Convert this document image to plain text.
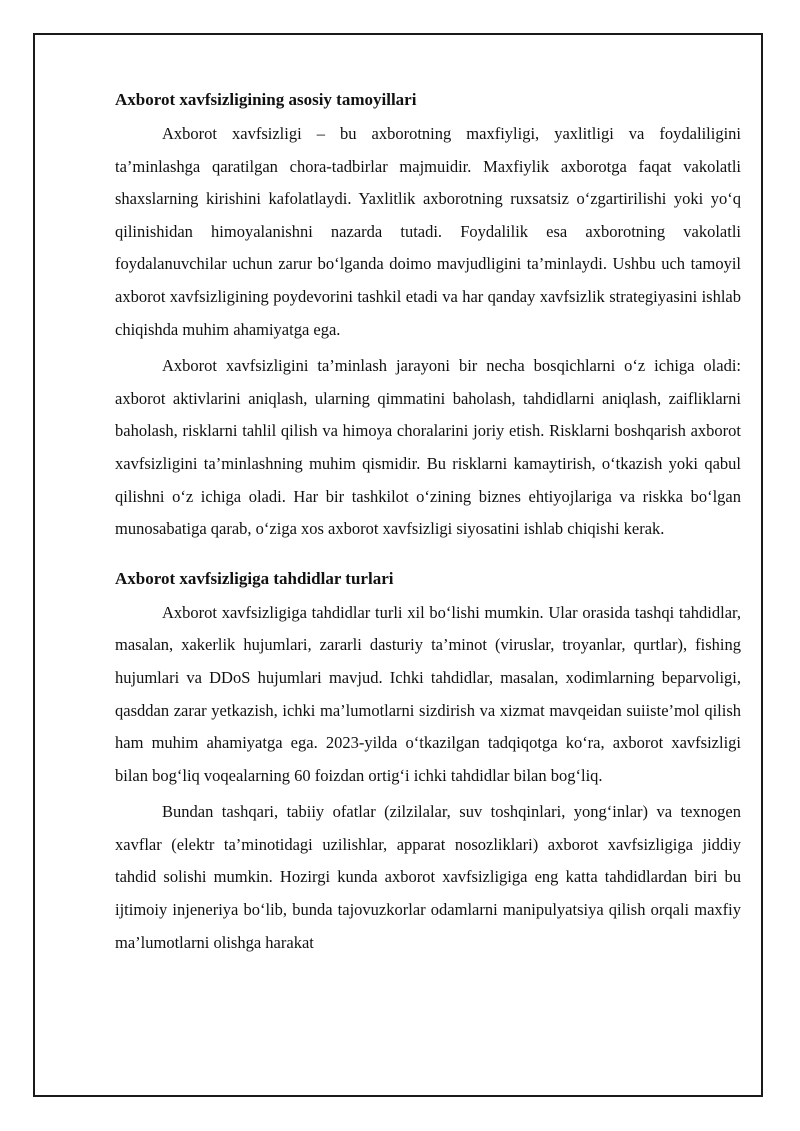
Axborot xavfsizligining asosiy tamoyillari

Axborot xavfsizligi – bu axborotning maxfiyligi, yaxlitligi va foydaliligini ta’minlashga qaratilgan chora-tadbirlar majmuidir. Maxfiylik axborotga faqat vakolatli shaxslarning kirishini kafolatlaydi. Yaxlitlik axborotning ruxsatsiz o‘zgartirilishi yoki yo‘q qilinishidan himoyalanishni nazarda tutadi. Foydalilik esa axborotning vakolatli foydalanuvchilar uchun zarur bo‘lganda doimo mavjudligini ta’minlaydi. Ushbu uch tamoyil axborot xavfsizligining poydevorini tashkil etadi va har qanday xavfsizlik strategiyasini ishlab chiqishda muhim ahamiyatga ega.

Axborot xavfsizligini ta’minlash jarayoni bir necha bosqichlarni o‘z ichiga oladi: axborot aktivlarini aniqlash, ularning qimmatini baholash, tahdidlarni aniqlash, zaifliklarni baholash, risklarni tahlil qilish va himoya choralarini joriy etish. Risklarni boshqarish axborot xavfsizligini ta’minlashning muhim qismidir. Bu risklarni kamaytirish, o‘tkazish yoki qabul qilishni o‘z ichiga oladi. Har bir tashkilot o‘zining biznes ehtiyojlariga va riskka bo‘lgan munosabatiga qarab, o‘ziga xos axborot xavfsizligi siyosatini ishlab chiqishi kerak.

Axborot xavfsizligiga tahdidlar turlari

Axborot xavfsizligiga tahdidlar turli xil bo‘lishi mumkin. Ular orasida tashqi tahdidlar, masalan, xakerlik hujumlari, zararli dasturiy ta’minot (viruslar, troyanlar, qurtlar), fishing hujumlari va DDoS hujumlari mavjud. Ichki tahdidlar, masalan, xodimlarning beparvoligi, qasddan zarar yetkazish, ichki ma’lumotlarni sizdirish va xizmat mavqeidan suiiste’mol qilish ham muhim ahamiyatga ega. 2023-yilda o‘tkazilgan tadqiqotga ko‘ra, axborot xavfsizligi bilan bog‘liq voqealarning 60 foizdan ortig‘i ichki tahdidlar bilan bog‘liq.

Bundan tashqari, tabiiy ofatlar (zilzilalar, suv toshqinlari, yong‘inlar) va texnogen xavflar (elektr ta’minotidagi uzilishlar, apparat nosozliklari) axborot xavfsizligiga jiddiy tahdid solishi mumkin. Hozirgi kunda axborot xavfsizligiga eng katta tahdidlardan biri bu ijtimoiy injeneriya bo‘lib, bunda tajovuzkorlar odamlarni manipulyatsiya qilish orqali maxfiy ma’lumotlarni olishga harakat
